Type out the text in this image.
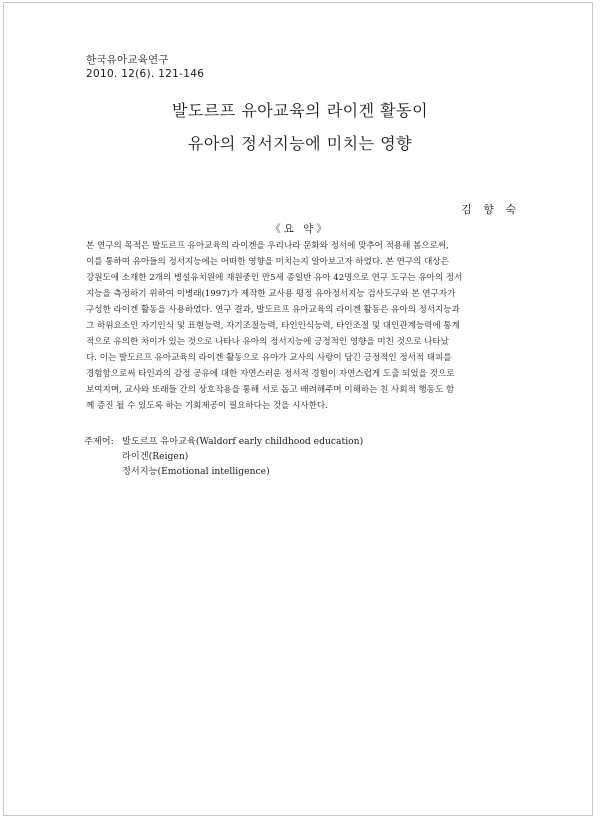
한국유아교육연구
2010. 12(6). 121-146
발도르프 유아교육의 라이겐 활동이
유아의 정서지능에 미치는 영향
김 향 숙
《요 약》
본 연구의 목적은 발도르프 유아교육의 라이겐을 우리나라 문화와 정서에 맞추어 적용해 봄으로써,
이를 통하여 유아들의 정서지능에는 어떠한 영향을 미치는지 알아보고자 하였다. 본 연구의 대상은
강원도에 소재한 2개의 병설유치원에 재원중인 만5세 종일반 유아 42명으로 연구 도구는 유아의 정서
지능을 측정하기 위하여 이병래(1997)가 제작한 교사용 평정 유아정서지능 검사도구와 본 연구자가
구성한 라이겐 활동을 사용하였다. 연구 결과, 발도르프 유아교육의 라이겐 활동은 유아의 정서지능과
그 하위요소인 자기인식 및 표현능력, 자기조절능력, 타인인식능력, 타인조절 및 대인관계능력에 통계
적으로 유의한 차이가 있는 것으로 나타나 유아의 정서지능에 긍정적인 영향을 미친 것으로 나타났
다. 이는 발도르프 유아교육의 라이겐 활동으로 유아가 교사의 사랑이 담긴 긍정적인 정서적 태피를
경험함으로써 타인과의 감정 공유에 대한 자연스러운 정서적 경험이 자연스럽게 도출 되었을 것으로
보여지며, 교사와 또래들 간의 상호작용을 통해 서로 돕고 배려해주며 이해하는 친 사회적 행동도 함
께 증진 될 수 있도록 하는 기회제공이 필요하다는 것을 시사한다.
주제어: 발도르프 유아교육(Waldorf early childhood education)
라이겐(Reigen)
정서지능(Emotional intelligence)
